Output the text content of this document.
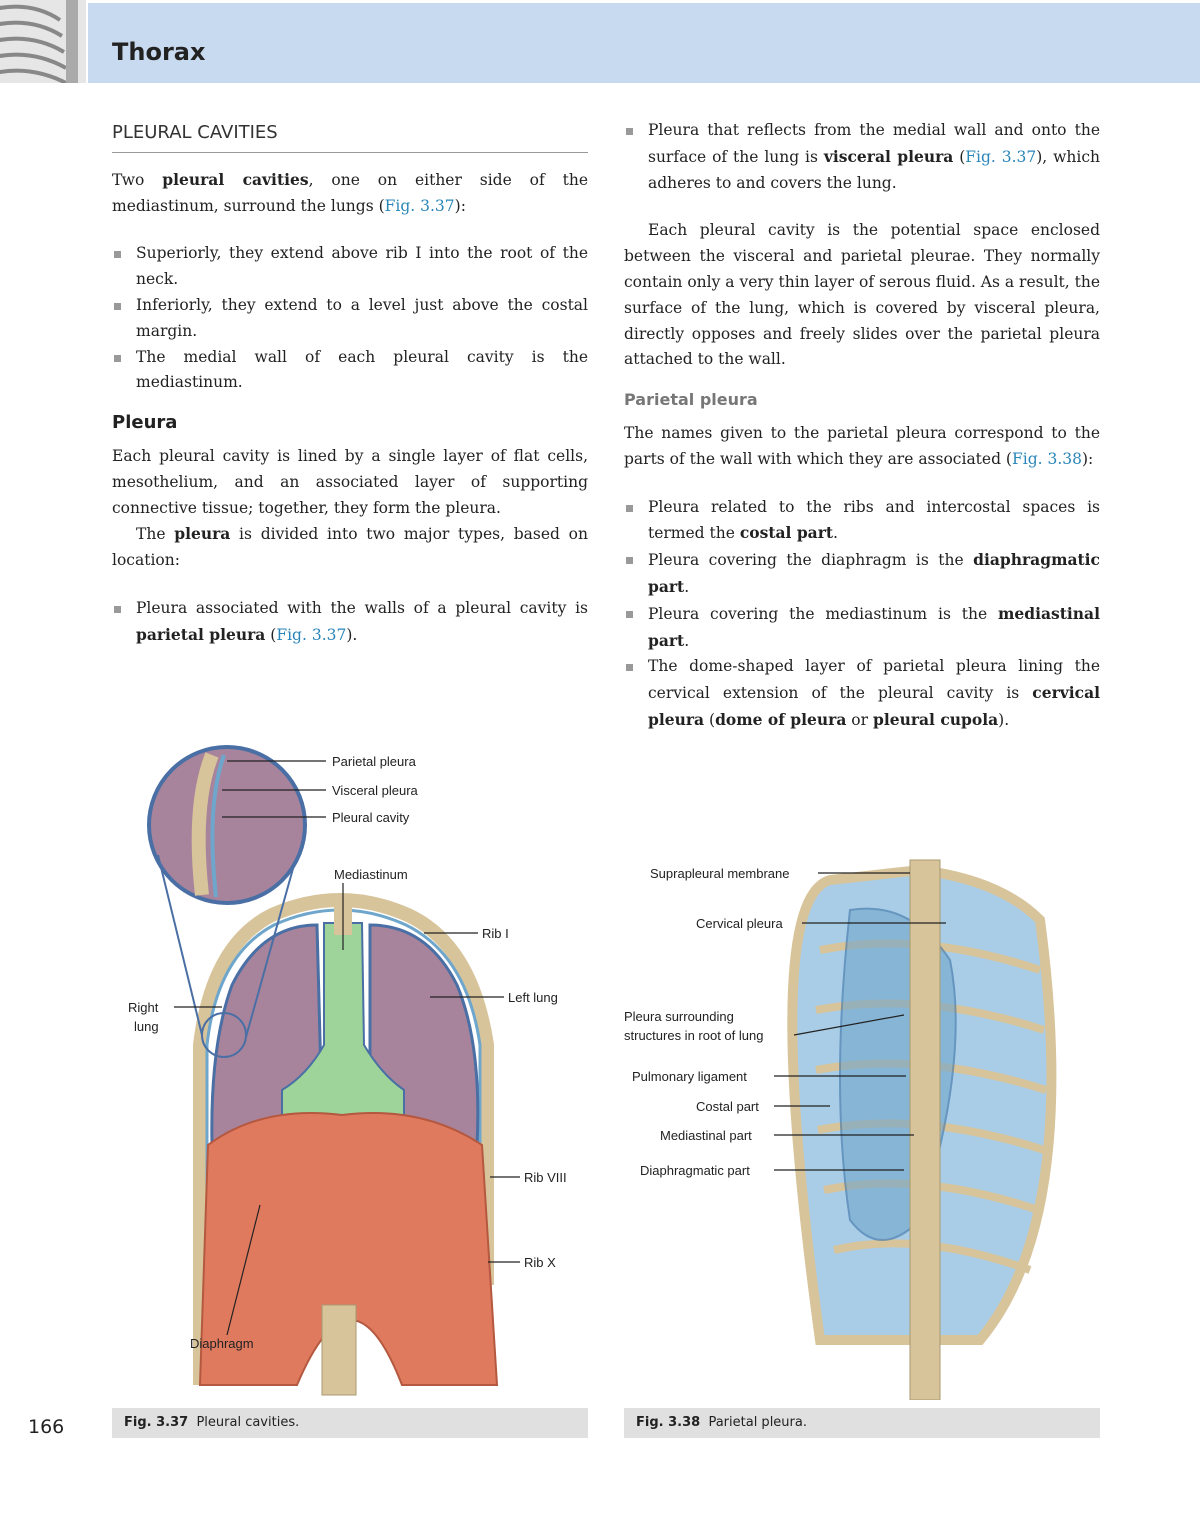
Thorax
PLEURAL CAVITIES

Two pleural cavities, one on either side of the mediastinum, surround the lungs (Fig. 3.37):

Superiorly, they extend above rib I into the root of the neck.
Inferiorly, they extend to a level just above the costal margin.
The medial wall of each pleural cavity is the mediastinum.
Pleura

Each pleural cavity is lined by a single layer of flat cells, mesothelium, and an associated layer of supporting connective tissue; together, they form the pleura.

The pleura is divided into two major types, based on location:

Pleura associated with the walls of a pleural cavity is parietal pleura (Fig. 3.37).
Pleura that reflects from the medial wall and onto the surface of the lung is visceral pleura (Fig. 3.37), which adheres to and covers the lung.

Each pleural cavity is the potential space enclosed between the visceral and parietal pleurae. They normally contain only a very thin layer of serous fluid. As a result, the surface of the lung, which is covered by visceral pleura, directly opposes and freely slides over the parietal pleura attached to the wall.

Parietal pleura

The names given to the parietal pleura correspond to the parts of the wall with which they are associated (Fig. 3.38):

Pleura related to the ribs and intercostal spaces is termed the costal part.
Pleura covering the diaphragm is the diaphragmatic part.
Pleura covering the mediastinum is the mediastinal part.
The dome-shaped layer of parietal pleura lining the cervical extension of the pleural cavity is cervical pleura (dome of pleura or pleural cupola).
Parietal pleura
Visceral pleura
Pleural cavity
Mediastinum
Rib I
Left lung
Right
lung
Rib VIII
Rib X
Diaphragm
Suprapleural membrane
Cervical pleura
Pleura surrounding
structures in root of lung
Pulmonary ligament
Costal part
Mediastinal part
Diaphragmatic part
Fig. 3.37 Pleural cavities.	Fig. 3.38 Parietal pleura.
166
